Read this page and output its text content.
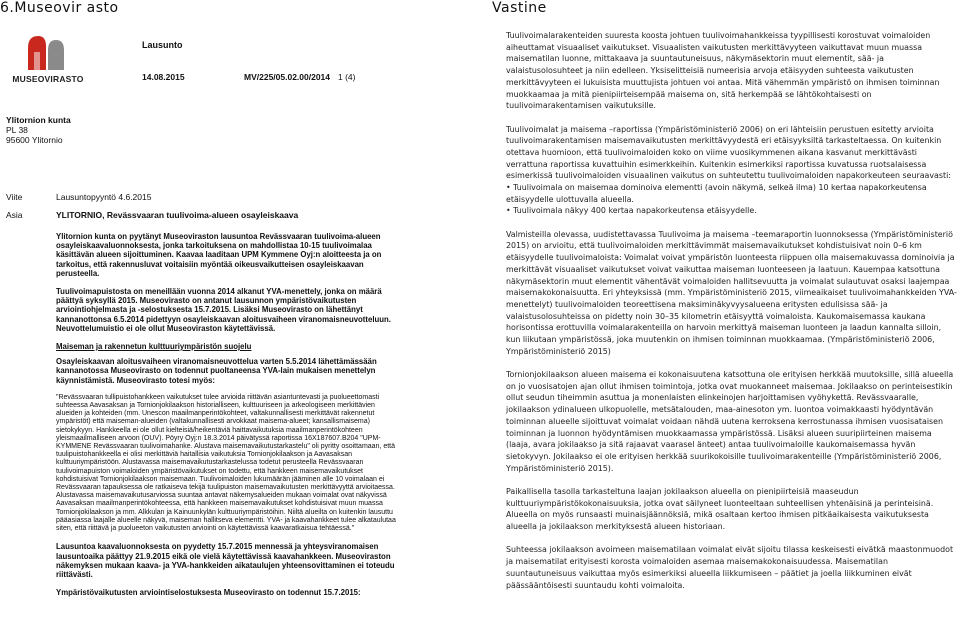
6.Museovir asto	Vastine
MUSEOVIRASTO
Lausunto
14.08.2015	MV/225/05.02.00/2014 1 (4)
Ylitornion kunta
PL 38
95600 Ylitornio
Viite	Lausuntopyyntö 4.6.2015
Asia	YLITORNIO, Revässvaaran tuulivoima-alueen osayleiskaava

Ylitornion kunta on pyytänyt Museoviraston lausuntoa Revässvaaran tuulivoima-alueen osayleiskaavaluonnoksesta, jonka tarkoituksena on mahdollistaa 10-15 tuulivoimalaa käsittävän alueen sijoittuminen. Kaavaa laaditaan UPM Kymmene Oyj:n aloitteesta ja on tarkoitus, että rakennusluvat voitaisiin myöntää oikeusvaikutteisen osayleiskaavan perusteella.

Tuulivoimapuistosta on meneillään vuonna 2014 alkanut YVA-menettely, jonka on määrä päättyä syksyllä 2015. Museovirasto on antanut lausunnon ympäristövaikutusten arviointiohjelmasta ja -selostuksesta 15.7.2015. Lisäksi Museovirasto on lähettänyt kannanottonsa 6.5.2014 pidettyyn osayleiskaavan aloitusvaiheen viranomaisneuvotteluun. Neuvottelumuistio ei ole ollut Museoviraston käytettävissä.

Maiseman ja rakennetun kulttuuriympäristön suojelu

Osayleiskaavan aloitusvaiheen viranomaisneuvottelua varten 5.5.2014 lähettämässään kannanotossa Museovirasto on todennut puoltaneensa YVA-lain mukaisen menettelyn käynnistämistä. Museovirasto totesi myös:

"Revässvaaran tullipuistohankkeen vaikutukset tulee arvioida riittävän asiantuntevasti ja puolueettomasti suhteessa Aavasaksan ja Tornionjokilaakson historialliseen, kulttuuriseen ja arkeologiseen merkittävien alueiden ja kohteiden (mm. Unescon maailmanperintökohteet, valtakunnallisesti merkittävät rakennetut ympäristöt) että maiseman-alueiden (valtakunnallisesti arvokkaat maisema-alueet; kansallismaisema) sietokykyyn. Hankkeella ei ole ollut kielteisiä/heikentäviä haittavaikutuksia maailmanperintökohteen yleismaailmalliseen arvoon (OUV). Pöyry Oyj:n 18.3.2014 päivätyssä raportissa 16X187607.B204 "UPM-KYMMENE Revässvaaran tuulivoimahanke. Alustava maisemavaikutustarkastelu" oli pyritty osoittamaan, että tuulipuistohankkeella ei olisi merkittäviä haitallisia vaikutuksia Tornionjokilaakson ja Aavasaksan kulttuuriympäristöön. Alustavassa maisemavaikutustarkastelussa todetut perusteella Revässvaaran tuulivoimapuiston voimaloiden ympäristövaikutukset on todettu, että hankkeen maisemavaikutukset kohdistuisivat Tornionjokilaakson maisemaan. Tuulivoimaloiden lukumäärän jääminen alle 10 voimalaan ei Revässvaaran tapauksessa ole ratkaiseva tekijä tuulipuiston maisemavaikutusten merkittävyyttä arvioitaessa. Alustavassa maisemavaikutusarviossa suuntaa antavat näkemysalueiden mukaan voimalat ovat näkyvissä Aavasaksan maailmanperintökohteessa, että hankkeen maisemavaikutukset kohdistuisivat muun muassa Tornionjokilaakson ja mm. Alkkulan ja Kainuunkylän kulttuuriympäristöihin. Niiltä alueilta on kuitenkin lausuttu pääasiassa laajalle alueelle näkyvä, maiseman hallitseva elementti. YVA- ja kaavahankkeet tulee alkataulutaa siten, että riittävä ja puolueeton vaikutusten arviointi on käytettävissä kaavaratkaisua tehtäessä."

Lausuntoa kaavaluonnoksesta on pyydetty 15.7.2015 mennessä ja yhteysviranomaisen lausuntoaika päättyy 21.9.2015 eikä ole vielä käytettävissä kaavahankkeen. Museoviraston näkemyksen mukaan kaava- ja YVA-hankkeiden aikataulujen yhteensovittaminen ei toteudu riittävästi.

Ympäristövaikutusten arviointiselostuksesta Museovirasto on todennut 15.7.2015:

Tuulivoimalarakenteiden suuresta koosta johtuen tuulivoimahankkeissa tyypillisesti korostuvat voimaloiden aiheuttamat visuaaliset vaikutukset. Visuaalisten vaikutusten merkittävyyteen vaikuttavat muun muassa maisematilan luonne, mittakaava ja suuntautuneisuus, näkymäsektorin muut elementit, sää- ja valaistusolosuhteet ja niin edelleen. Yksiselitteisiä numeerisia arvoja etäisyyden suhteesta vaikutusten merkittävyyteen ei lukuisista muuttujista johtuen voi antaa. Mitä vähemmän ympäristö on ihmisen toiminnan muokkaamaa ja mitä pienipiirteisempää maisema on, sitä herkempää se lähtökohtaisesti on tuulivoimarakentamisen vaikutuksille.

Tuulivoimalat ja maisema –raportissa (Ympäristöministeriö 2006) on eri lähteisiin perustuen esitetty arvioita tuulivoimarakentamisen maisemavaikutusten merkittävyydestä eri etäisyyksiltä tarkasteltaessa. On kuitenkin otettava huomioon, että tuulivoimaloiden koko on viime vuosikymmenen aikana kasvanut merkittävästi verrattuna raportissa kuvattuihin esimerkkeihin. Kuitenkin esimerkiksi raportissa kuvatussa ruotsalaisessa esimerkissä tuulivoimaloiden visuaalinen vaikutus on suhteutettu tuulivoimaloiden napakorkeuteen seuraavasti:

• Tuulivoimala on maisemaa dominoiva elementti (avoin näkymä, selkeä ilma) 10 kertaa napakorkeutensa etäisyydelle ulottuvalla alueella.

• Tuulivoimala näkyy 400 kertaa napakorkeutensa etäisyydelle.

Valmisteilla olevassa, uudistettavassa Tuulivoima ja maisema –teemaraportin luonnoksessa (Ympäristöministeriö 2015) on arvioitu, että tuulivoimaloiden merkittävimmät maisemavaikutukset kohdistuisivat noin 0–6 km etäisyydelle tuulivoimaloista: Voimalat voivat ympäristön luonteesta riippuen olla maisemakuvassa dominoivia ja merkittävät visuaaliset vaikutukset voivat vaikuttaa maiseman luonteeseen ja laatuun. Kauempaa katsottuna näkymäsektorin muut elementit vähentävät voimaloiden hallitsevuutta ja voimalat sulautuvat osaksi laajempaa maisemakokonaisuutta. Eri yhteyksissä (mm. Ympäristöministeriö 2015, viimeaikaiset tuulivoimahankkeiden YVA-menettelyt) tuulivoimaloiden teoreettisena maksiminäkyvyysalueena eritysten edulisissa sää- ja valaistusolosuhteissa on pidetty noin 30–35 kilometrin etäisyyttä voimaloista. Kaukomaisemassa kaukana horisontissa erottuvilla voimalarakenteilla on harvoin merkittyä maiseman luonteen ja laadun kannalta silloin, kun liikutaan ympäristössä, joka muutenkin on ihmisen toiminnan muokkaamaa. (Ympäristöministeriö 2006, Ympäristöministeriö 2015)

Tornionjokilaakson alueen maisema ei kokonaisuutena katsottuna ole erityisen herkkää muutoksille, sillä alueella on jo vuosisatojen ajan ollut ihmisen toimintoja, jotka ovat muokanneet maisemaa. Jokilaakso on perinteisestikin ollut seudun tiheimmin asuttua ja monenlaisten elinkeinojen harjoittamisen vyöhykettä. Revässvaaralle, jokilaakson ydinalueen ulkopuolelle, metsätalouden, maa-ainesoton ym. luontoa voimakkaasti hyödyntävän toiminnan alueelle sijoittuvat voimalat voidaan nähdä uutena kerroksena kerrostunassa ihmisen vuosisataisen toiminnan ja luonnon hyödyntämisen muokkaamassa ympäristössä. Lisäksi alueen suuripiirteinen maisema (laaja, avara jokilaakso ja sitä rajaavat vaarasel änteet) antaa tuulivoimaloille kaukomaisemassa hyvän sietokyvyn. Jokilaakso ei ole erityisen herkkää suurikokoisille tuulivoimarakenteille (Ympäristöministeriö 2006, Ympäristöministeriö 2015).

Paikallisella tasolla tarkasteltuna laajan jokilaakson alueella on pienipiirteisiä maaseudun kulttuuriympäristökokonaisuuksia, jotka ovat säilyneet luonteeltaan suhteellisen yhtenäisinä ja perinteisinä. Alueella on myös runsaasti muinaisjäännöksiä, mikä osaltaan kertoo ihmisen pitkäaikaisesta vaikutuksesta alueella ja jokilaakson merkityksestä alueen historiaan.

Suhteessa jokilaakson avoimeen maisematilaan voimalat eivät sijoitu tilassa keskeisesti eivätkä maastonmuodot ja maisematilat erityisesti korosta voimaloiden asemaa maisemakokonaisuudessa. Maisematilan suuntautuneisuus vaikuttaa myös esimerkiksi alueella liikkumiseen – päätiet ja joella liikkuminen eivät päässääntöisesti suuntaudu kohti voimaloita.
